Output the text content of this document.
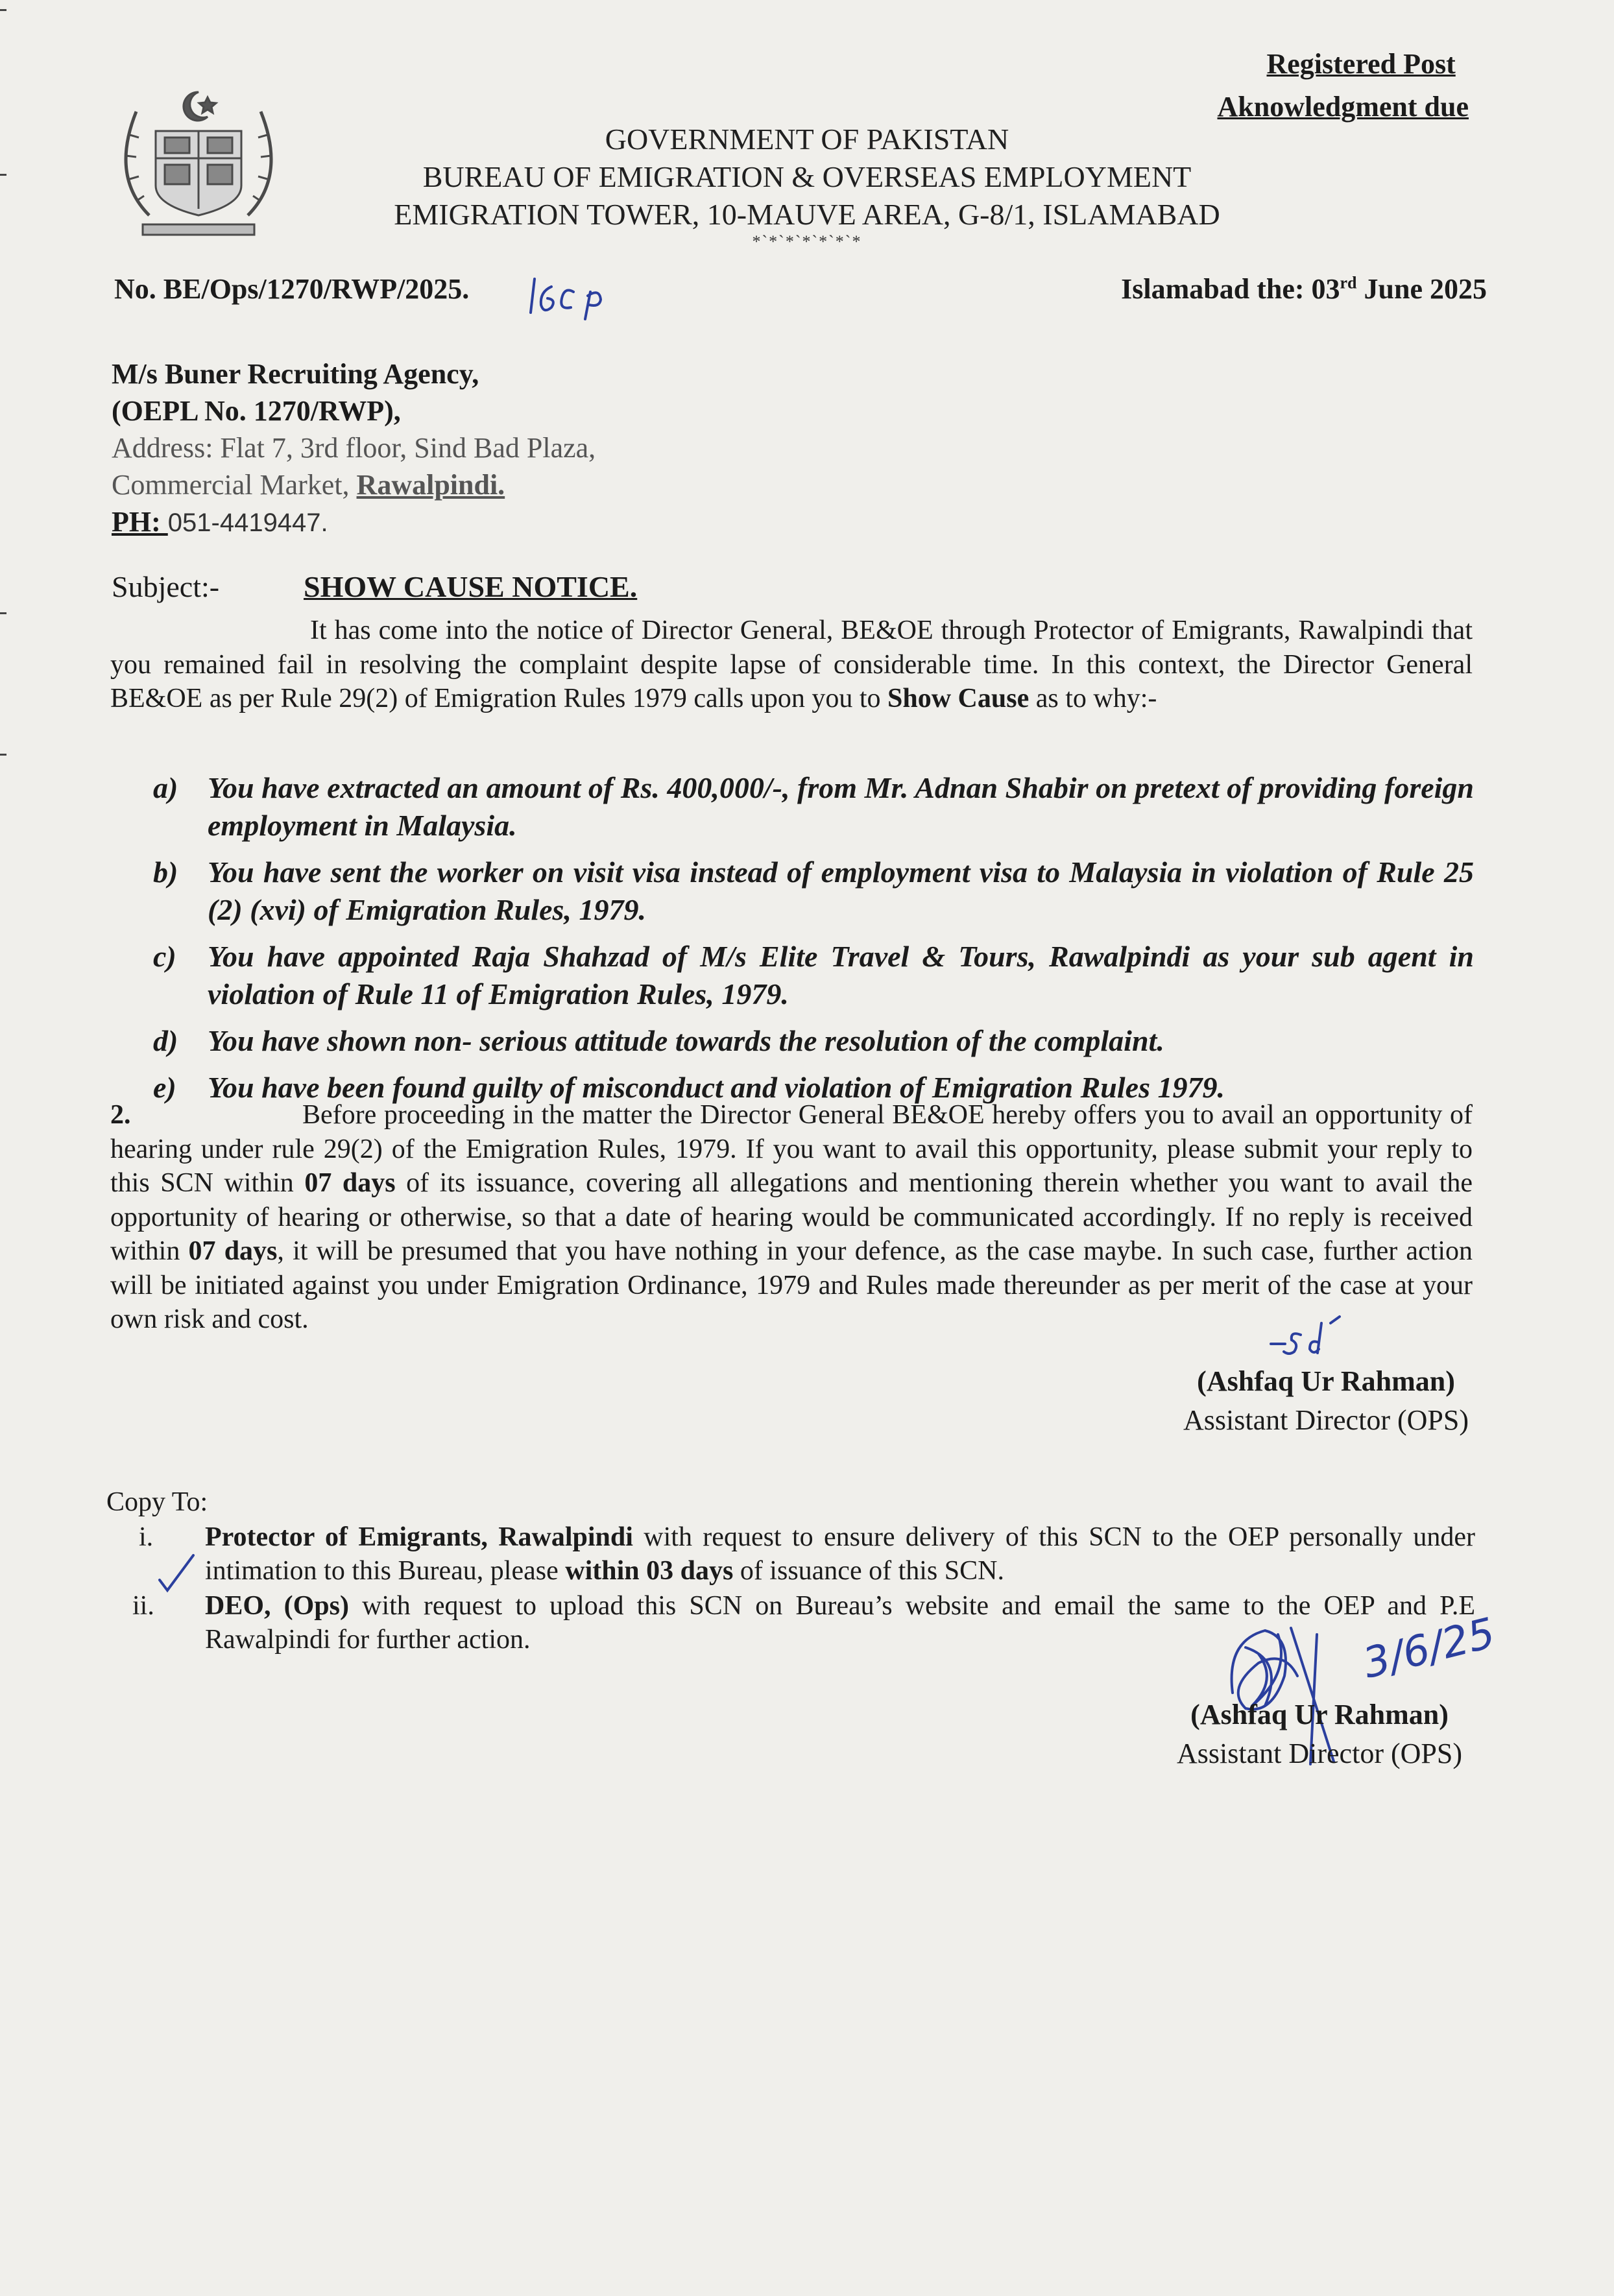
Registered Post
Aknowledgment due
GOVERNMENT OF PAKISTAN
BUREAU OF EMIGRATION & OVERSEAS EMPLOYMENT
EMIGRATION TOWER, 10-MAUVE AREA, G-8/1, ISLAMABAD
*`*`*`*`*`*`*
No. BE/Ops/1270/RWP/2025.	Islamabad the: 03rd June 2025
M/s Buner Recruiting Agency,
(OEPL No. 1270/RWP),
Address: Flat 7, 3rd floor, Sind Bad Plaza,
Commercial Market, Rawalpindi.
PH: 051-4419447.
Subject:-	SHOW CAUSE NOTICE.
It has come into the notice of Director General, BE&OE through Protector of Emigrants, Rawalpindi that you remained fail in resolving the complaint despite lapse of considerable time. In this context, the Director General BE&OE as per Rule 29(2) of Emigration Rules 1979 calls upon you to Show Cause as to why:-
a) You have extracted an amount of Rs. 400,000/-, from Mr. Adnan Shabir on pretext of providing foreign employment in Malaysia.
b) You have sent the worker on visit visa instead of employment visa to Malaysia in violation of Rule 25 (2) (xvi) of Emigration Rules, 1979.
c)	You have appointed Raja Shahzad of M/s Elite Travel & Tours, Rawalpindi as your sub agent in violation of Rule 11 of Emigration Rules, 1979.
d) You have shown non- serious attitude towards the resolution of the complaint.
e)	You have been found guilty of misconduct and violation of Emigration Rules 1979.
2.	Before proceeding in the matter the Director General BE&OE hereby offers you to avail an opportunity of hearing under rule 29(2) of the Emigration Rules, 1979. If you want to avail this opportunity, please submit your reply to this SCN within 07 days of its issuance, covering all allegations and mentioning therein whether you want to avail the opportunity of hearing or otherwise, so that a date of hearing would be communicated accordingly. If no reply is received within 07 days, it will be presumed that you have nothing in your defence, as the case maybe. In such case, further action will be initiated against you under Emigration Ordinance, 1979 and Rules made thereunder as per merit of the case at your own risk and cost.
(Ashfaq Ur Rahman)
Assistant Director (OPS)
Copy To:
i.	Protector of Emigrants, Rawalpindi with request to ensure delivery of this SCN to the OEP personally under intimation to this Bureau, please within 03 days of issuance of this SCN.
ii.	DEO, (Ops) with request to upload this SCN on Bureau’s website and email the same to the OEP and P.E Rawalpindi for further action.
(Ashfaq Ur Rahman)
Assistant Director (OPS)
3/6/25
